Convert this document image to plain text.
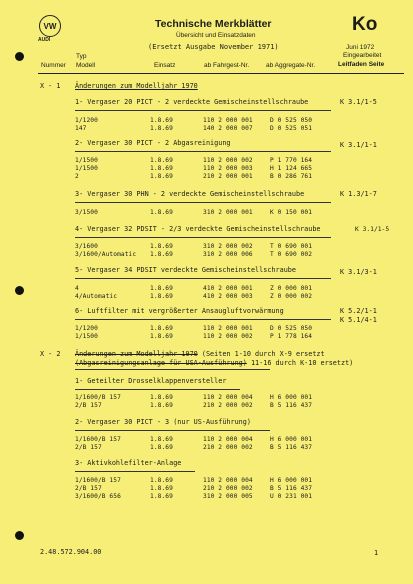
VW
AUDI
Technische Merkblätter
Übersicht und Einsatzdaten
(Ersetzt Ausgabe November 1971)
Ko
Juni 1972
Eingearbeitet
Leitfaden Seite
Typ
Nummer Modell	Einsatz	ab Fahrgest-Nr.	ab Aggregate-Nr.
X - 1 Änderungen zum Modelljahr 1970
1- Vergaser 20 PICT - 2 verdeckte Gemischeinstellschraube	K 3.1/1-5
1/1200	1.8.69	110 2 000 001	D 0 525 050
147	1.8.69	140 2 000 007	D 0 525 051
2- Vergaser 30 PICT - 2 Abgasreinigung	K 3.1/1-1
1/1500	1.8.69	110 2 000 002	P 1 770 164
1/1500	1.8.69	110 2 000 003	H 1 124 665
2	1.8.69	210 2 000 001	B 0 286 761
3- Vergaser 30 PHN - 2 verdeckte Gemischeinstellschraube	K 1.3/1-7
3/1500	1.8.69	310 2 000 001	K 0 150 001
4- Vergaser 32 PDSIT - 2/3 verdeckte Gemischeinstellschraube	K 3.1/1-5
3/1600	1.8.69	310 2 000 002	T 0 690 001
3/1600/Automatic 1.8.69	310 2 000 006	T 0 690 002
5- Vergaser 34 PDSIT verdeckte Gemischeinstellschraube	K 3.1/3-1
4	1.8.69	410 2 000 001	Z 0 000 001
4/Automatic	1.8.69	410 2 000 003	Z 0 000 002
6- Luftfilter mit vergrößerter Ansaugluftvorwärmung	K 5.2/1-1
K 5.1/4-1
1/1200	1.8.69	110 2 000 001	D 0 525 050
1/1500	1.8.69	110 2 000 002	P 1 778 164
X - 2 Änderungen zum Modelljahr 1970 (Seiten 1-10 durch X-9 ersetzt
(Abgasreinigungsanlage für USA-Ausführung) 11-16 durch K-10 ersetzt)
1- Geteilter Drosselklappenversteller
1/1600/B 157	1.8.69	110 2 000 004	H 6 000 001
2/B 157	1.8.69	210 2 000 002	B 5 116 437
2- Vergaser 30 PICT - 3 (nur US-Ausführung)
1/1600/B 157	1.8.69	110 2 000 004	H 6 000 001
2/B 157	1.8.69	210 2 000 002	B 5 116 437
3- Aktivkohlefilter-Anlage
1/1600/B 157	1.8.69	110 2 000 004	H 6 000 001
2/B 157	1.8.69	210 2 000 002	B 5 116 437
3/1600/B 656	1.8.69	310 2 000 005	U 0 231 001
2.48.572.904.00	1
